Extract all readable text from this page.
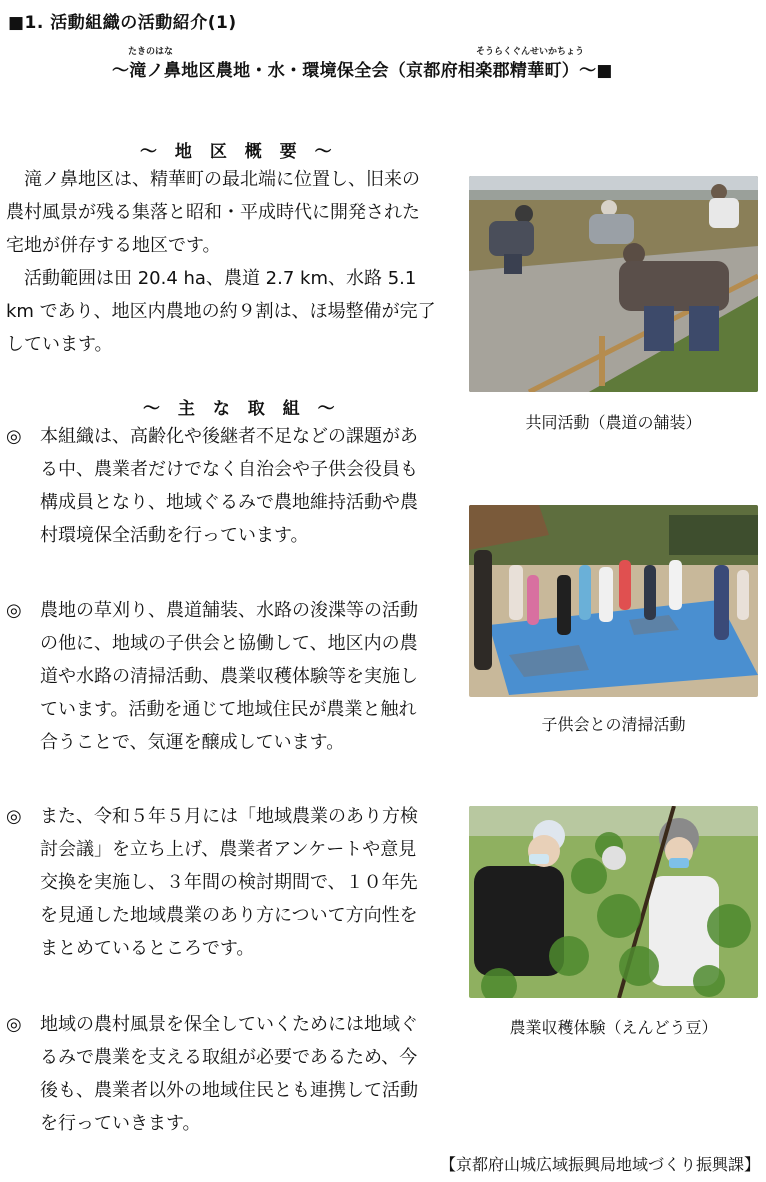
■1. 活動組織の活動紹介(1)
たきのはな	そうらくぐんせいかちょう
～滝ノ鼻地区農地・水・環境保全会（京都府相楽郡精華町）～■
～ 地 区 概 要 ～

滝ノ鼻地区は、精華町の最北端に位置し、旧来の農村風景が残る集落と昭和・平成時代に開発された宅地が併存する地区です。

活動範囲は田 20.4 ha、農道 2.7 km、水路 5.1 km であり、地区内農地の約９割は、ほ場整備が完了しています。

～ 主 な 取 組 ～
◎	本組織は、高齢化や後継者不足などの課題がある中、農業者だけでなく自治会や子供会役員も構成員となり、地域ぐるみで農地維持活動や農村環境保全活動を行っています。
◎	農地の草刈り、農道舗装、水路の浚渫等の活動の他に、地域の子供会と協働して、地区内の農道や水路の清掃活動、農業収穫体験等を実施しています。活動を通じて地域住民が農業と触れ合うことで、気運を醸成しています。
◎	また、令和５年５月には「地域農業のあり方検討会議」を立ち上げ、農業者アンケートや意見交換を実施し、３年間の検討期間で、１０年先を見通した地域農業のあり方について方向性をまとめているところです。
◎	地域の農村風景を保全していくためには地域ぐるみで農業を支える取組が必要であるため、今後も、農業者以外の地域住民とも連携して活動を行っていきます。
共同活動（農道の舗装）
子供会との清掃活動
農業収穫体験（えんどう豆）
【京都府山城広域振興局地域づくり振興課】
